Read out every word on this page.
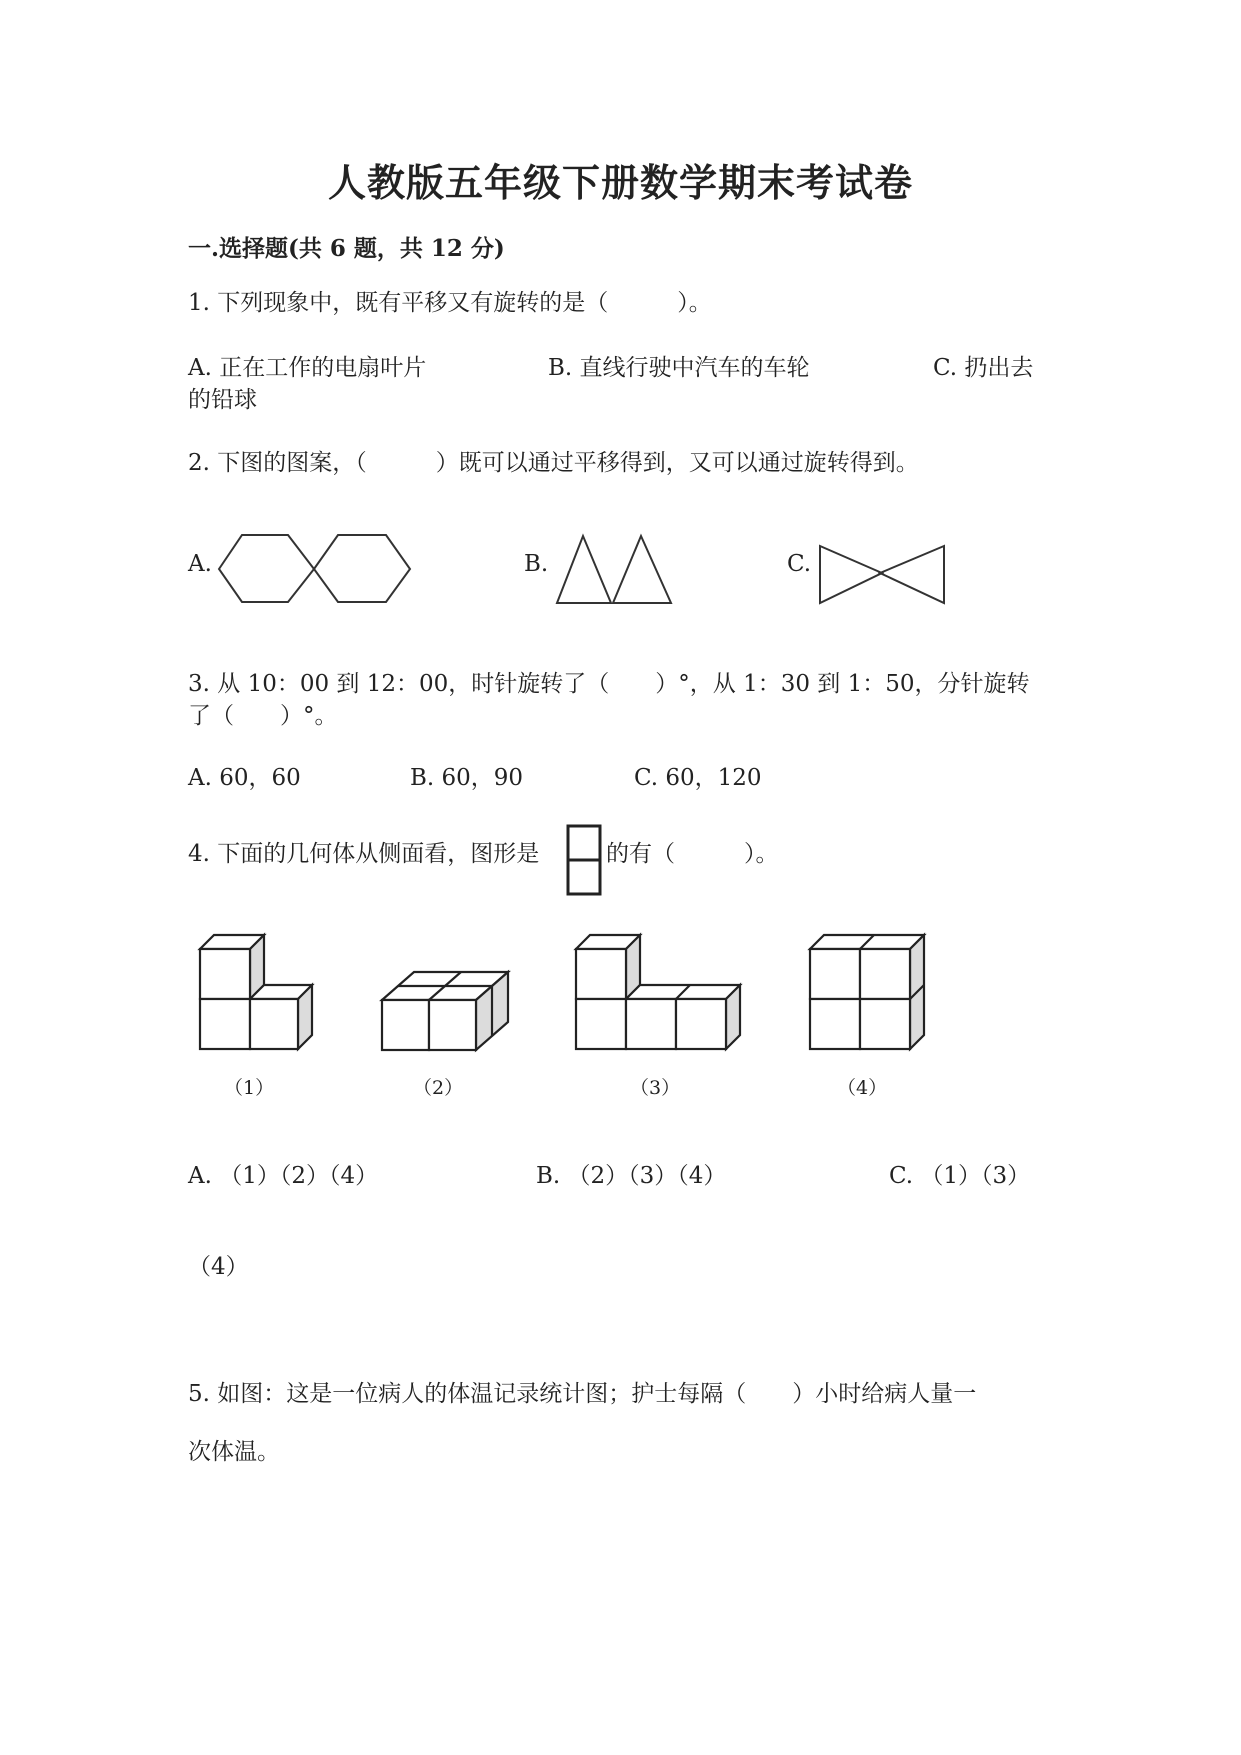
人教版五年级下册数学期末考试卷
一.选择题(共 6 题，共 12 分)
1. 下列现象中，既有平移又有旋转的是（　　　）。
A. 正在工作的电扇叶片	B. 直线行驶中汽车的车轮	C. 扔出去
的铅球
2. 下图的图案，（　　　）既可以通过平移得到，又可以通过旋转得到。
A.	B.	C.
3. 从 10：00 到 12：00，时针旋转了（　　）°，从 1：30 到 1：50，分针旋转
了（　　）°。
A. 60，60	B. 60，90	C. 60，120
4. 下面的几何体从侧面看，图形是	的有（　　　）。
（1）	（2）	（3）	（4）
A. （1）（2）（4）	B. （2）（3）（4）	C. （1）（3）
（4）
5. 如图：这是一位病人的体温记录统计图；护士每隔（　　）小时给病人量一
次体温。
